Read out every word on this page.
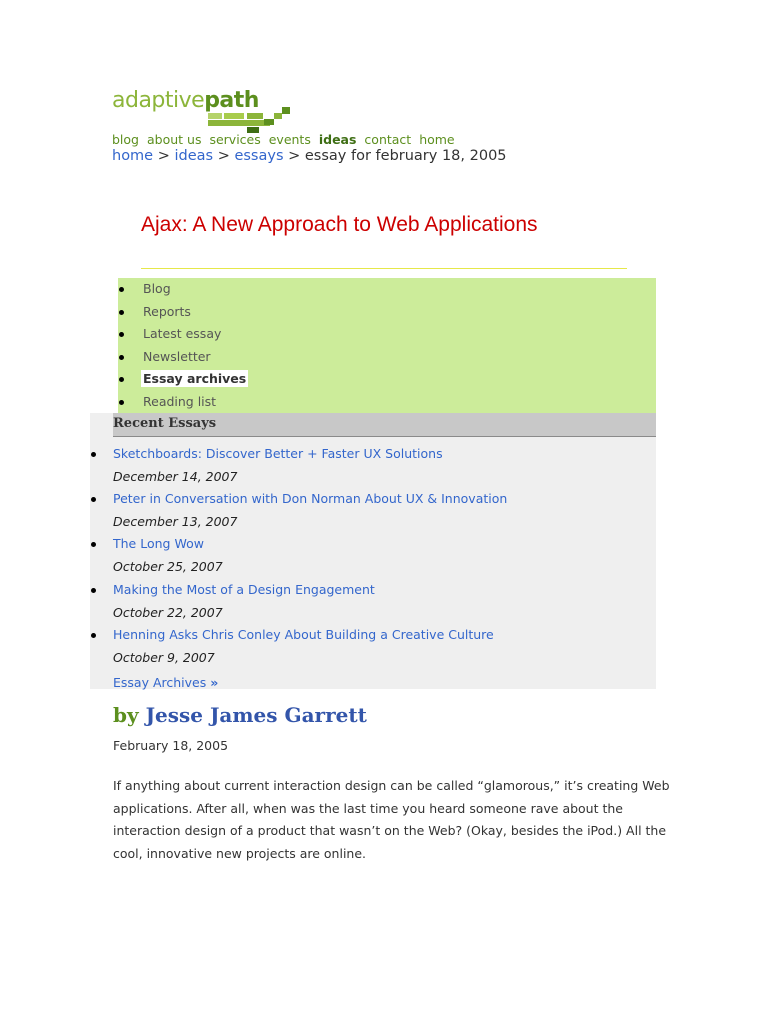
adaptivepath
blog about us services events ideas contact home
home > ideas > essays > essay for february 18, 2005
Ajax: A New Approach to Web Applications
Blog
Reports
Latest essay
Newsletter
Essay archives
Reading list
Recent Essays
Sketchboards: Discover Better + Faster UX Solutions
December 14, 2007
Peter in Conversation with Don Norman About UX & Innovation
December 13, 2007
The Long Wow
October 25, 2007
Making the Most of a Design Engagement
October 22, 2007
Henning Asks Chris Conley About Building a Creative Culture
October 9, 2007
Essay Archives »
by Jesse James Garrett
February 18, 2005

If anything about current interaction design can be called “glamorous,” it’s creating Web applications. After all, when was the last time you heard someone rave about the interaction design of a product that wasn’t on the Web? (Okay, besides the iPod.) All the cool, innovative new projects are online.
